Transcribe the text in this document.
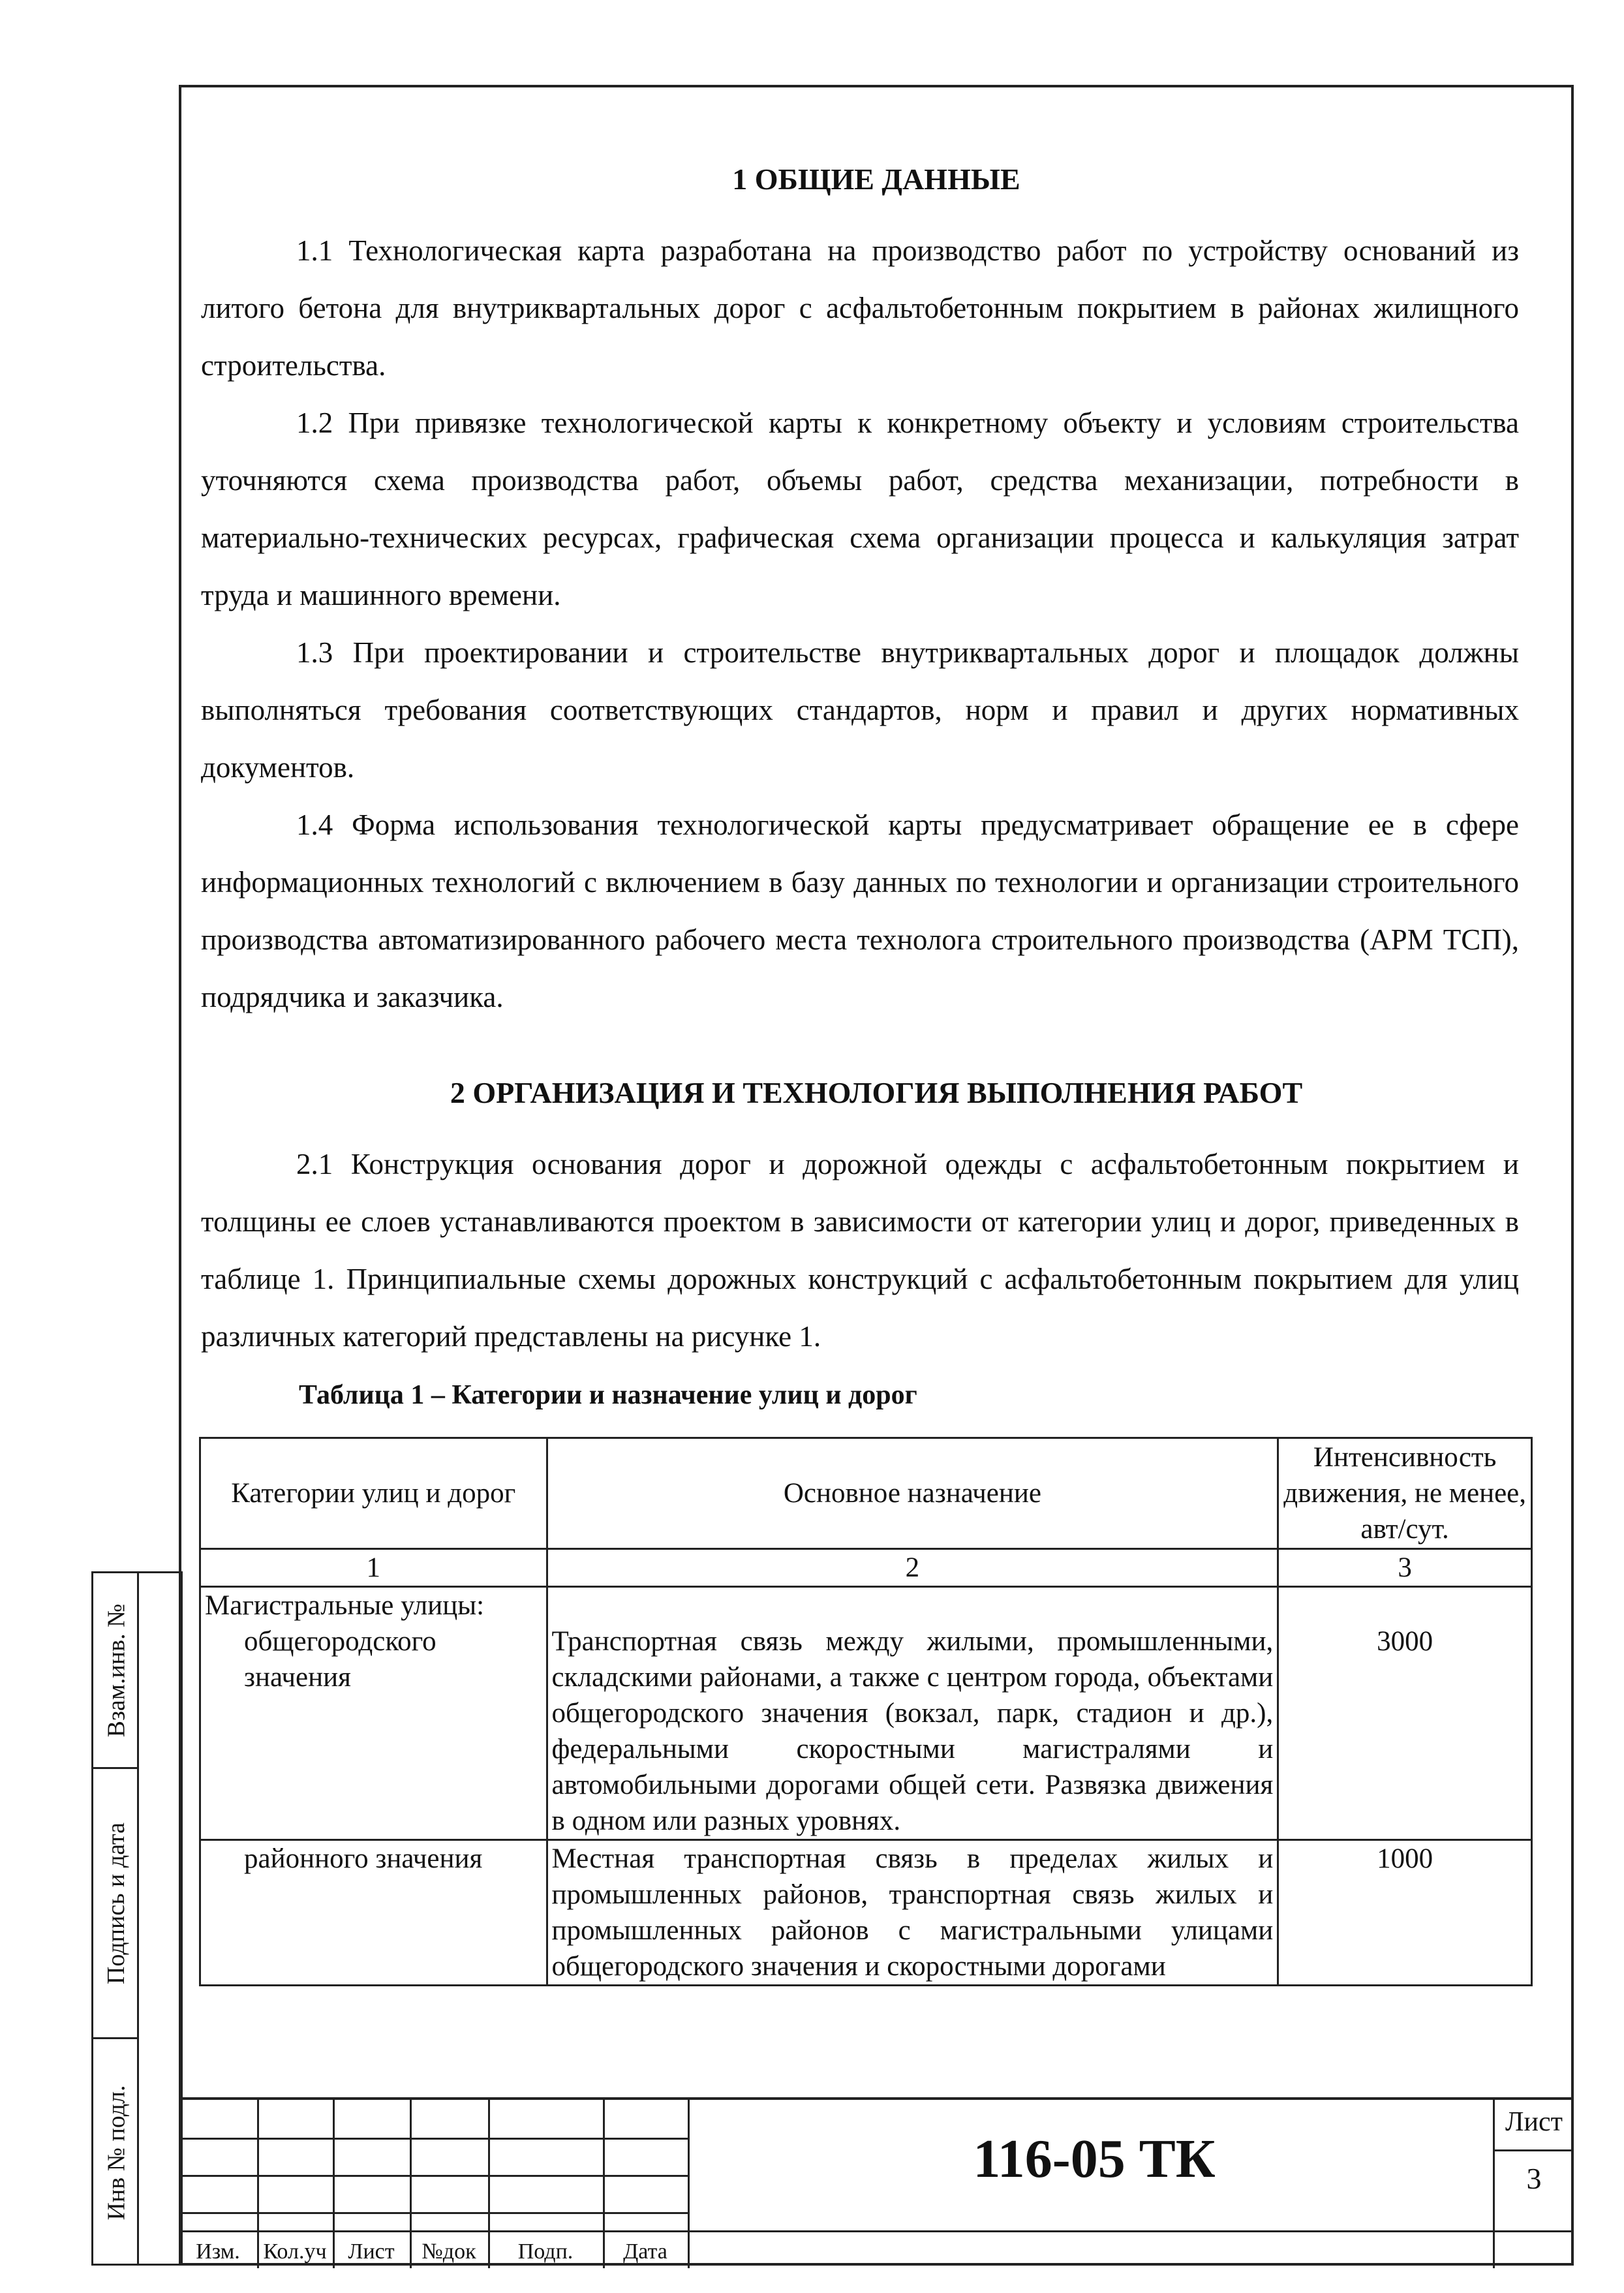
1 ОБЩИЕ ДАННЫЕ

1.1 Технологическая карта разработана на производство работ по устройству оснований из литого бетона для внутриквартальных дорог с асфальтобетонным покрытием в районах жилищного строительства.

1.2 При привязке технологической карты к конкретному объекту и условиям строительства уточняются схема производства работ, объемы работ, средства механизации, потребности в материально-технических ресурсах, графическая схема организации процесса и калькуляция затрат труда и машинного времени.

1.3 При проектировании и строительстве внутриквартальных дорог и площадок должны выполняться требования соответствующих стандартов, норм и правил и других нормативных документов.

1.4 Форма использования технологической карты предусматривает обращение ее в сфере информационных технологий с включением в базу данных по технологии и организации строительного производства автоматизированного рабочего места технолога строительного производства (АРМ ТСП), подрядчика и заказчика.

2 ОРГАНИЗАЦИЯ И ТЕХНОЛОГИЯ ВЫПОЛНЕНИЯ РАБОТ

2.1 Конструкция основания дорог и дорожной одежды с асфальтобетонным покрытием и толщины ее слоев устанавливаются проектом в зависимости от категории улиц и дорог, приведенных в таблице 1. Принципиальные схемы дорожных конструкций с асфальтобетонным покрытием для улиц различных категорий представлены на рисунке 1.

Таблица 1 – Категории и назначение улиц и дорог
Категории улиц и дорог	Основное назначение	Интенсивность движения, не менее, авт/сут.
1	2	3

Магистральные улицы:
общегородского значения	Транспортная связь между жилыми, промышленными, складскими районами, а также с центром города, объектами общегородского значения (вокзал, парк, стадион и др.), федеральными скоростными магистралями и автомобильными дорогами общей сети. Развязка движения в одном или разных уровнях.	3000

районного значения	Местная транспортная связь в пределах жилых и промышленных районов, транспортная связь жилых и промышленных районов с магистральными улицами общегородского значения и скоростными дорогами	1000
Взам.инв. №
Подпись и дата
Инв № подл.
Изм.	Кол.уч Лист	№док	Подп.	Дата
116-05 ТК
Лист
3
